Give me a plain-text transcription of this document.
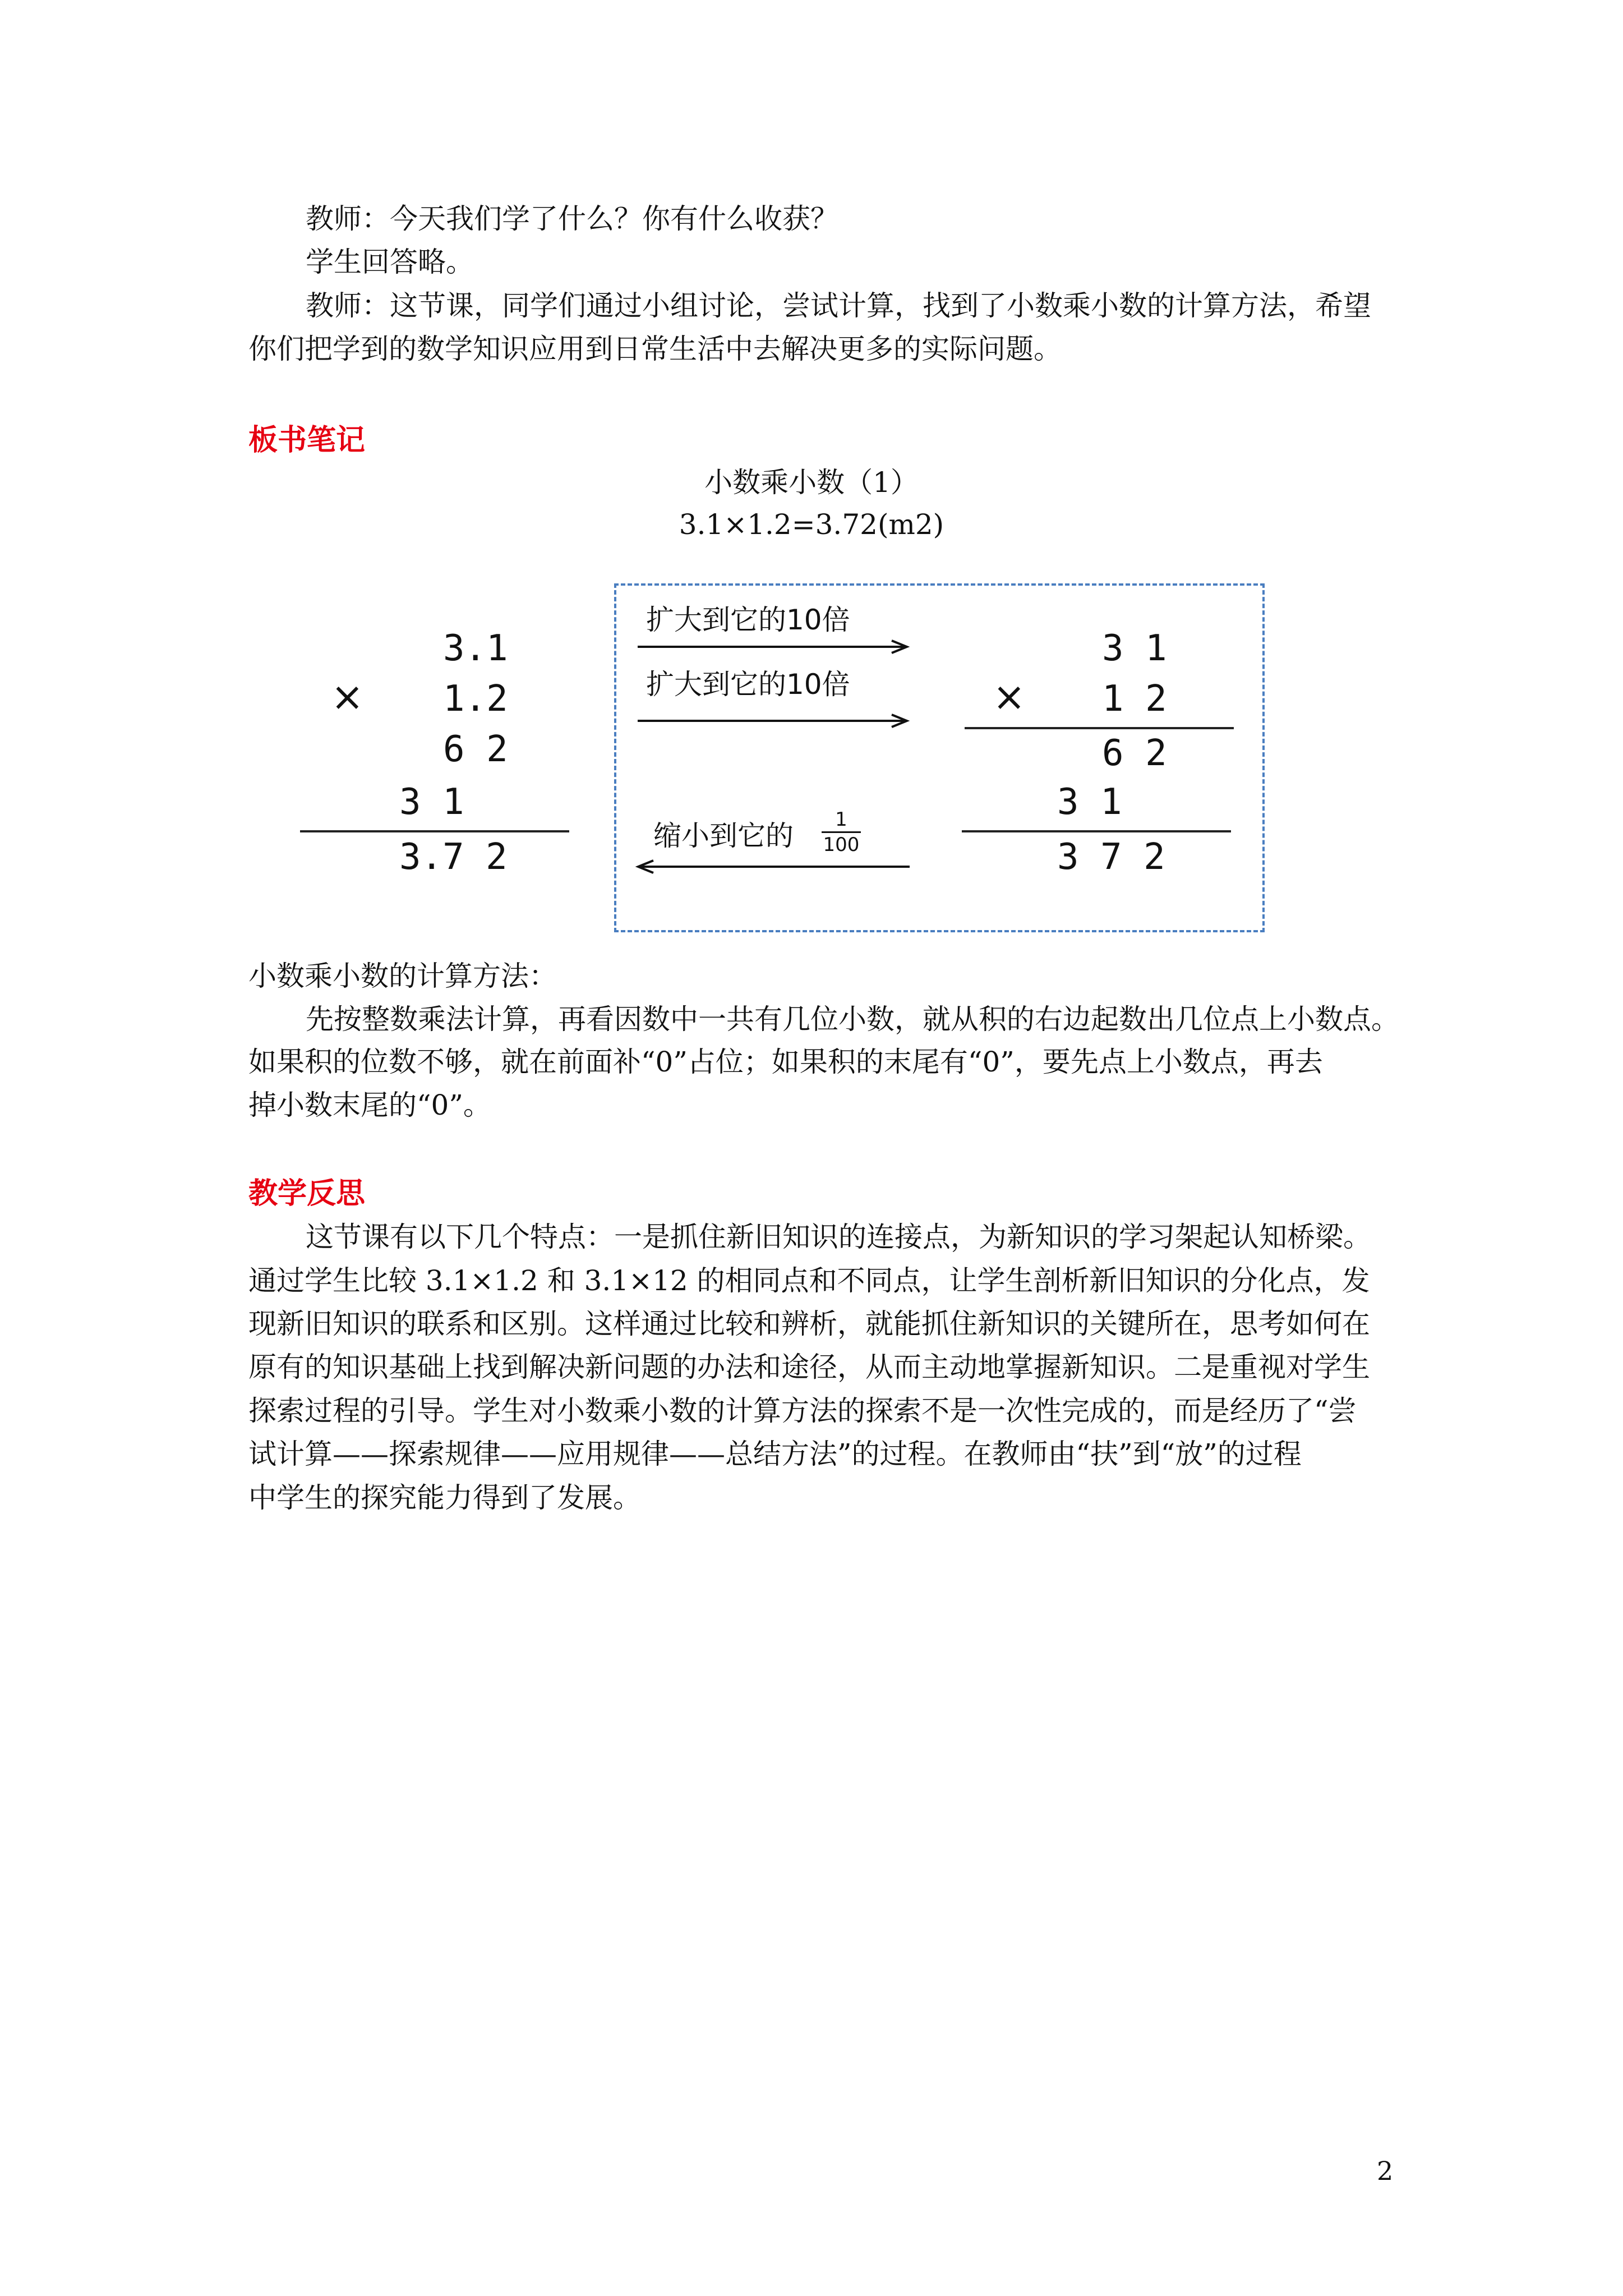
教师：今天我们学了什么？你有什么收获？
学生回答略。
教师：这节课，同学们通过小组讨论，尝试计算，找到了小数乘小数的计算方法，希望
你们把学到的数学知识应用到日常生活中去解决更多的实际问题。
板书笔记
小数乘小数（1）
3.1×1.2=3.72(m2)
3.1
× 1.2
6 2
3 1
3.7 2
扩大到它的10倍
扩大到它的10倍
缩小到它的	1
100
3 1
× 1 2
6 2
3 1
3 7 2
小数乘小数的计算方法：
先按整数乘法计算，再看因数中一共有几位小数，就从积的右边起数出几位点上小数点。
如果积的位数不够，就在前面补“0”占位；如果积的末尾有“0”，要先点上小数点，再去
掉小数末尾的“0”。
教学反思
这节课有以下几个特点：一是抓住新旧知识的连接点，为新知识的学习架起认知桥梁。
通过学生比较 3.1×1.2 和 3.1×12 的相同点和不同点，让学生剖析新旧知识的分化点，发
现新旧知识的联系和区别。这样通过比较和辨析，就能抓住新知识的关键所在，思考如何在
原有的知识基础上找到解决新问题的办法和途径，从而主动地掌握新知识。二是重视对学生
探索过程的引导。学生对小数乘小数的计算方法的探索不是一次性完成的，而是经历了“尝
试计算——探索规律——应用规律——总结方法”的过程。在教师由“扶”到“放”的过程
中学生的探究能力得到了发展。
2
